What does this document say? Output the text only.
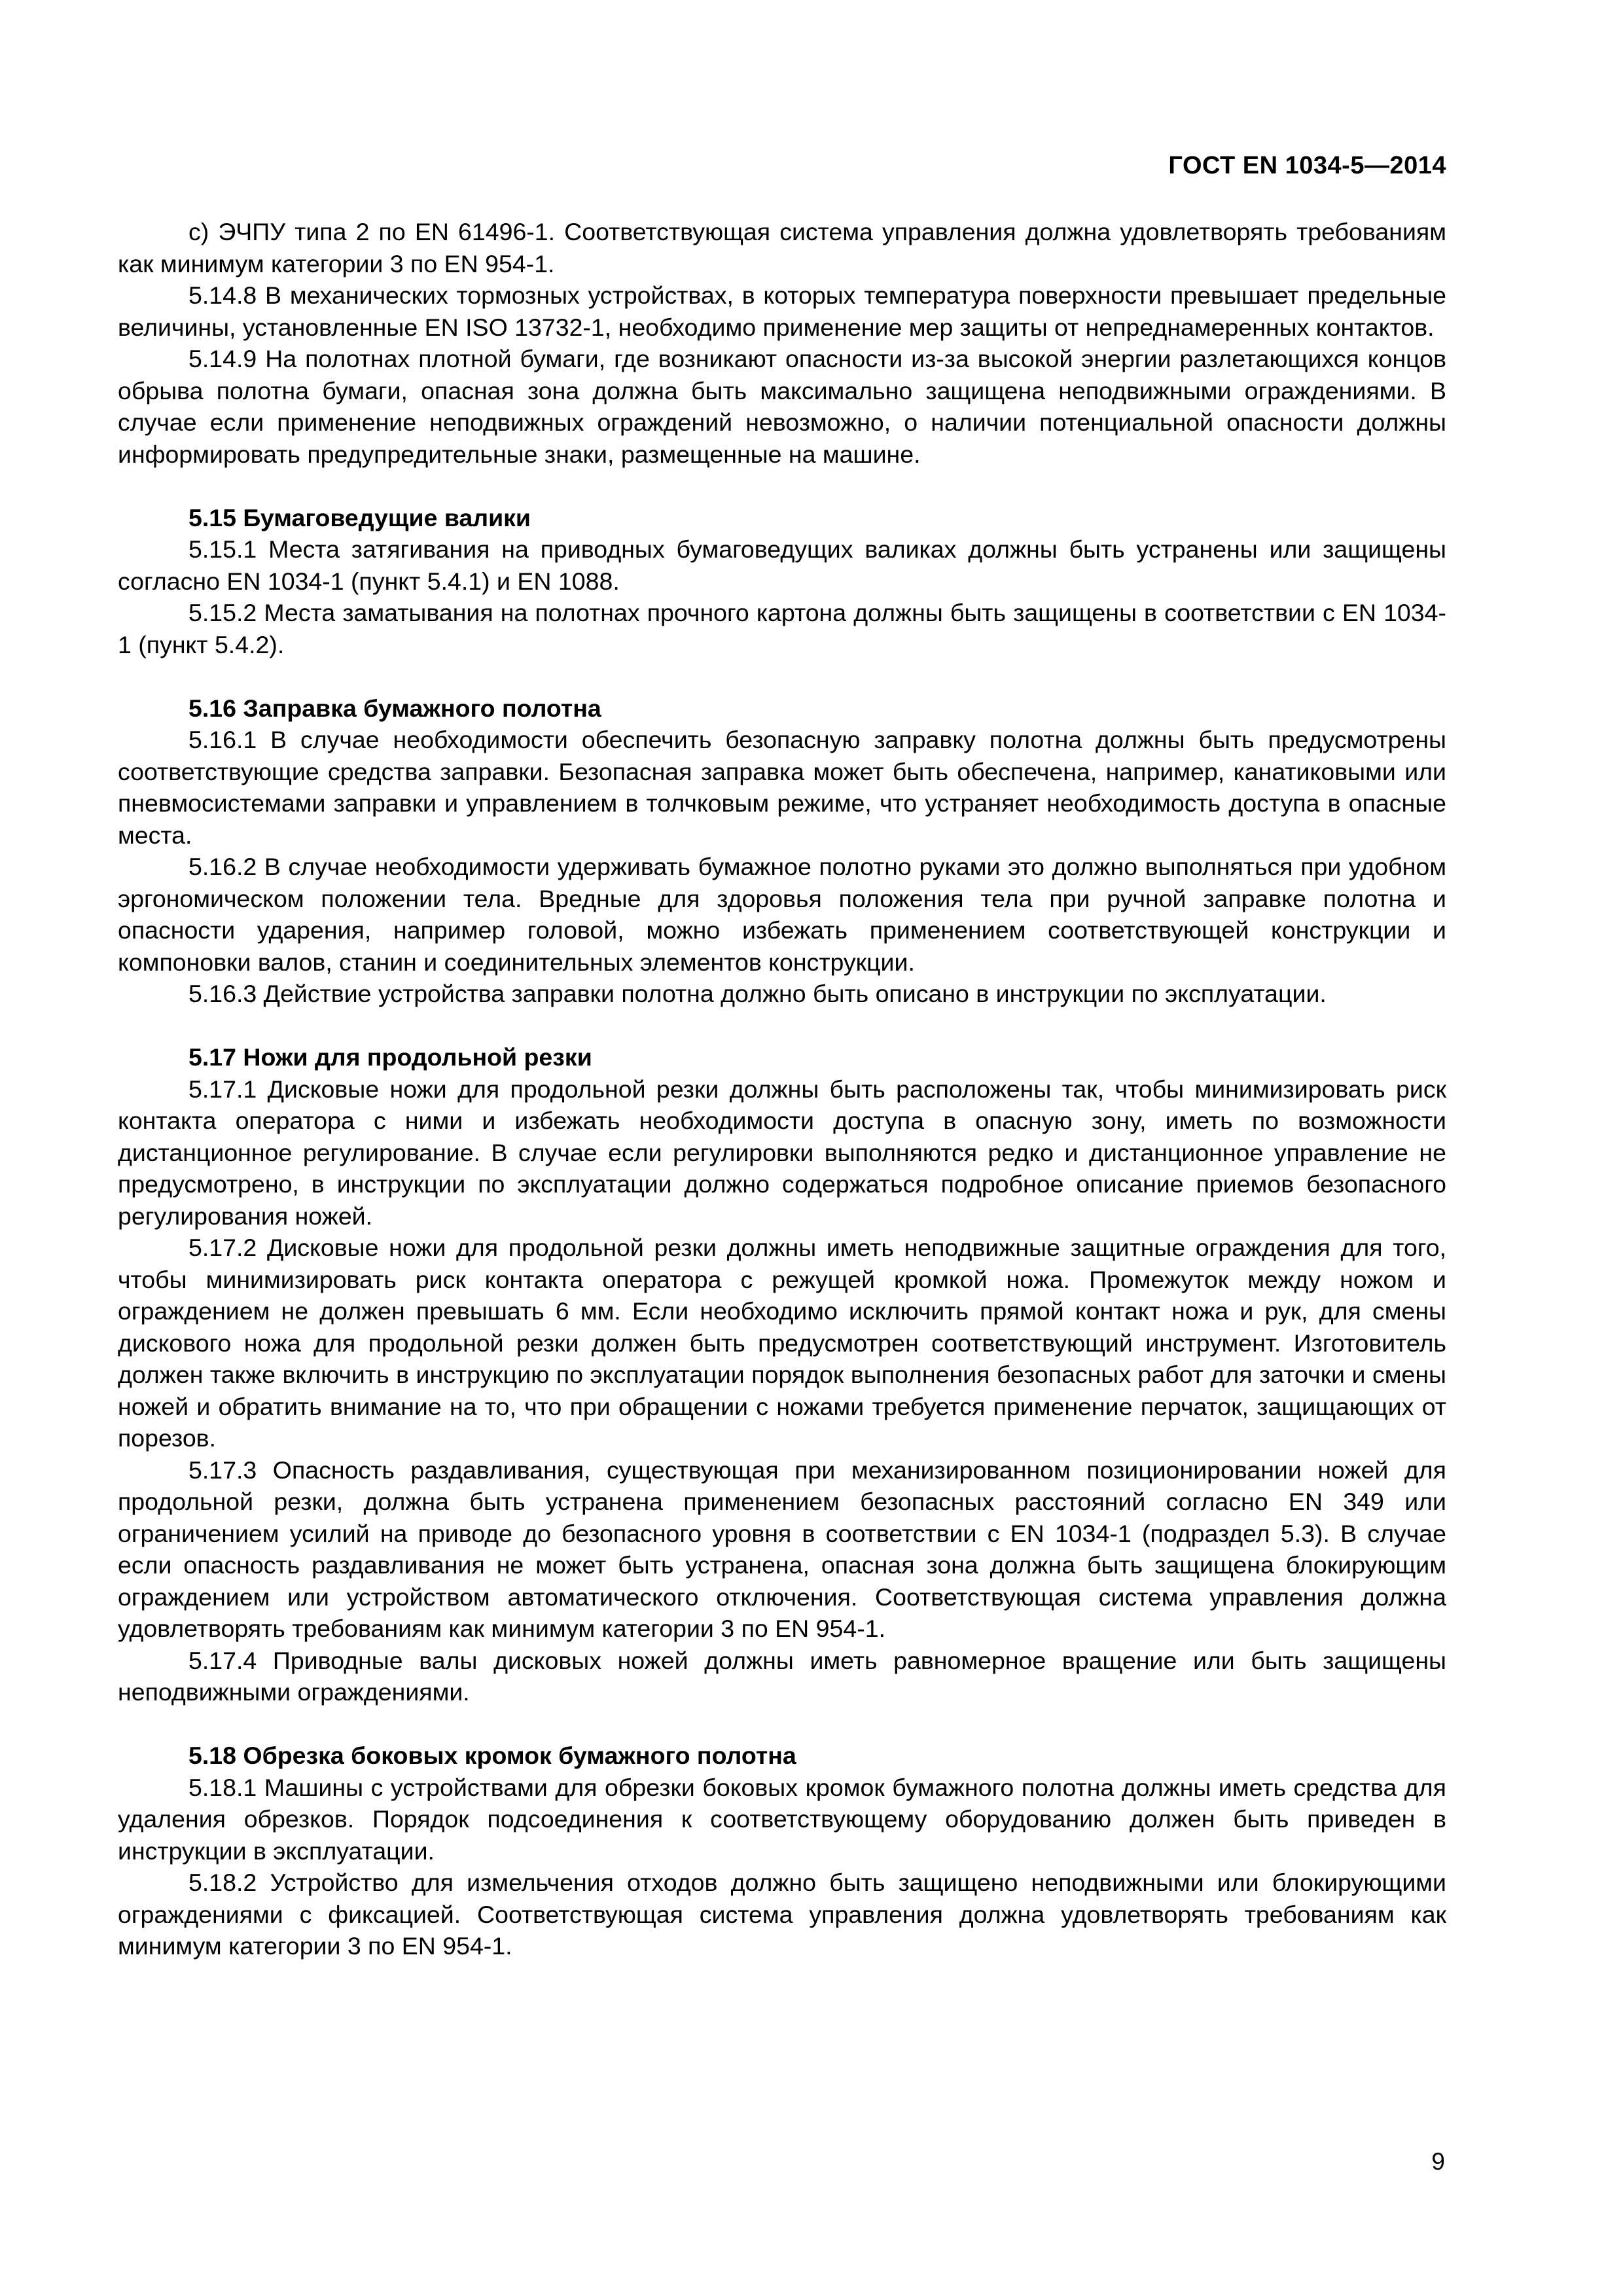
ГОСТ EN 1034-5—2014

с) ЭЧПУ типа 2 по EN 61496-1. Соответствующая система управления должна удовлетворять требованиям как минимум категории 3 по EN 954-1.

5.14.8 В механических тормозных устройствах, в которых температура поверхности превышает предельные величины, установленные EN ISO 13732-1, необходимо применение мер защиты от непреднамеренных контактов.

5.14.9 На полотнах плотной бумаги, где возникают опасности из-за высокой энергии разлетающихся концов обрыва полотна бумаги, опасная зона должна быть максимально защищена неподвижными ограждениями. В случае если применение неподвижных ограждений невозможно, о наличии потенциальной опасности должны информировать предупредительные знаки, размещенные на машине.

5.15 Бумаговедущие валики

5.15.1 Места затягивания на приводных бумаговедущих валиках должны быть устранены или защищены согласно EN 1034-1 (пункт 5.4.1) и EN 1088.

5.15.2 Места заматывания на полотнах прочного картона должны быть защищены в соответствии с EN 1034-1 (пункт 5.4.2).

5.16 Заправка бумажного полотна

5.16.1 В случае необходимости обеспечить безопасную заправку полотна должны быть предусмотрены соответствующие средства заправки. Безопасная заправка может быть обеспечена, например, канатиковыми или пневмосистемами заправки и управлением в толчковым режиме, что устраняет необходимость доступа в опасные места.

5.16.2 В случае необходимости удерживать бумажное полотно руками это должно выполняться при удобном эргономическом положении тела. Вредные для здоровья положения тела при ручной заправке полотна и опасности ударения, например головой, можно избежать применением соответствующей конструкции и компоновки валов, станин и соединительных элементов конструкции.

5.16.3 Действие устройства заправки полотна должно быть описано в инструкции по эксплуатации.

5.17 Ножи для продольной резки

5.17.1 Дисковые ножи для продольной резки должны быть расположены так, чтобы минимизировать риск контакта оператора с ними и избежать необходимости доступа в опасную зону, иметь по возможности дистанционное регулирование. В случае если регулировки выполняются редко и дистанционное управление не предусмотрено, в инструкции по эксплуатации должно содержаться подробное описание приемов безопасного регулирования ножей.

5.17.2 Дисковые ножи для продольной резки должны иметь неподвижные защитные ограждения для того, чтобы минимизировать риск контакта оператора с режущей кромкой ножа. Промежуток между ножом и ограждением не должен превышать 6 мм. Если необходимо исключить прямой контакт ножа и рук, для смены дискового ножа для продольной резки должен быть предусмотрен соответствующий инструмент. Изготовитель должен также включить в инструкцию по эксплуатации порядок выполнения безопасных работ для заточки и смены ножей и обратить внимание на то, что при обращении с ножами требуется применение перчаток, защищающих от порезов.

5.17.3 Опасность раздавливания, существующая при механизированном позиционировании ножей для продольной резки, должна быть устранена применением безопасных расстояний согласно EN 349 или ограничением усилий на приводе до безопасного уровня в соответствии с EN 1034-1 (подраздел 5.3). В случае если опасность раздавливания не может быть устранена, опасная зона должна быть защищена блокирующим ограждением или устройством автоматического отключения. Соответствующая система управления должна удовлетворять требованиям как минимум категории 3 по EN 954-1.

5.17.4 Приводные валы дисковых ножей должны иметь равномерное вращение или быть защищены неподвижными ограждениями.

5.18 Обрезка боковых кромок бумажного полотна

5.18.1 Машины с устройствами для обрезки боковых кромок бумажного полотна должны иметь средства для удаления обрезков. Порядок подсоединения к соответствующему оборудованию должен быть приведен в инструкции в эксплуатации.

5.18.2 Устройство для измельчения отходов должно быть защищено неподвижными или блокирующими ограждениями с фиксацией. Соответствующая система управления должна удовлетворять требованиям как минимум категории 3 по EN 954-1.

9
